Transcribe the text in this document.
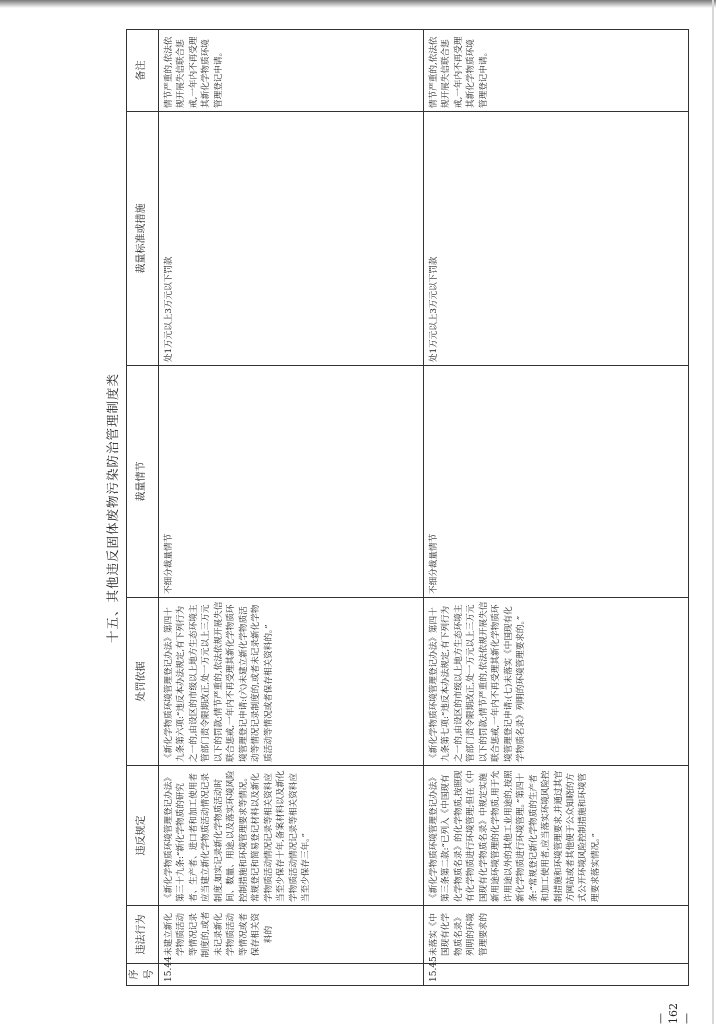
十五、其他违反固体废物污染防治管理制度类
序号	违法行为	违反规定	处罚依据	裁量情节	裁量标准或措施	备注
15.44	未建立新化学物质活动等情况记录制度的,或者未记录新化学物质活动等情况或者保存相关资料的	《新化学物质环境管理登记办法》第三十九条:“新化学物质的研究者、生产者、进口者和加工使用者应当建立新化学物质活动情况记录制度,如实记录新化学物质活动时间、数量、用途,以及落实环境风险控制措施和环境管理要求等情况。常规登记和简易登记材料以及新化学物质活动情况记录等相关资料应当至少保存十年,备案材料以及新化学物质活动情况记录等相关资料应当至少保存三年。”	《新化学物质环境管理登记办法》第四十九条第六项:“违反本办法规定,有下列行为之一的,由设区的市级以上地方生态环境主管部门责令限期改正,处一万元以上三万元以下的罚款;情节严重的,依法依规开展失信联合惩戒,一年内不再受理其新化学物质环境管理登记申请:(六)未建立新化学物质活动等情况记录制度的,或者未记录新化学物质活动等情况或者保存相关资料的。”	不细分裁量情节	处1万元以上3万元以下罚款	情节严重的,依法依规开展失信联合惩戒,一年内不再受理其新化学物质环境管理登记申请。
15.45	未落实《中国现有化学物质名录》列明的环境管理要求的	《新化学物质环境管理登记办法》第三条第二款:“已列入《中国现有化学物质名录》的化学物质,按照现有化学物质进行环境管理;但在《中国现有化学物质名录》中规定实施新用途环境管理的化学物质,用于允许用途以外的其他工业用途的,按照新化学物质进行环境管理。”第四十条:“常规登记新化学物质的生产者和加工使用者,应当落实环境风险控制措施和环境管理要求,并通过其官方网站或者其他便于公众知晓的方式公开环境风险控制措施和环境管理要求落实情况。”	《新化学物质环境管理登记办法》第四十九条第七项:“违反本办法规定,有下列行为之一的,由设区的市级以上地方生态环境主管部门责令限期改正,处一万元以上三万元以下的罚款;情节严重的,依法依规开展失信联合惩戒,一年内不再受理其新化学物质环境管理登记申请:(七)未落实《中国现有化学物质名录》列明的环境管理要求的。”	不细分裁量情节	处1万元以上3万元以下罚款	情节严重的,依法依规开展失信联合惩戒,一年内不再受理其新化学物质环境管理登记申请。
— 162 —
